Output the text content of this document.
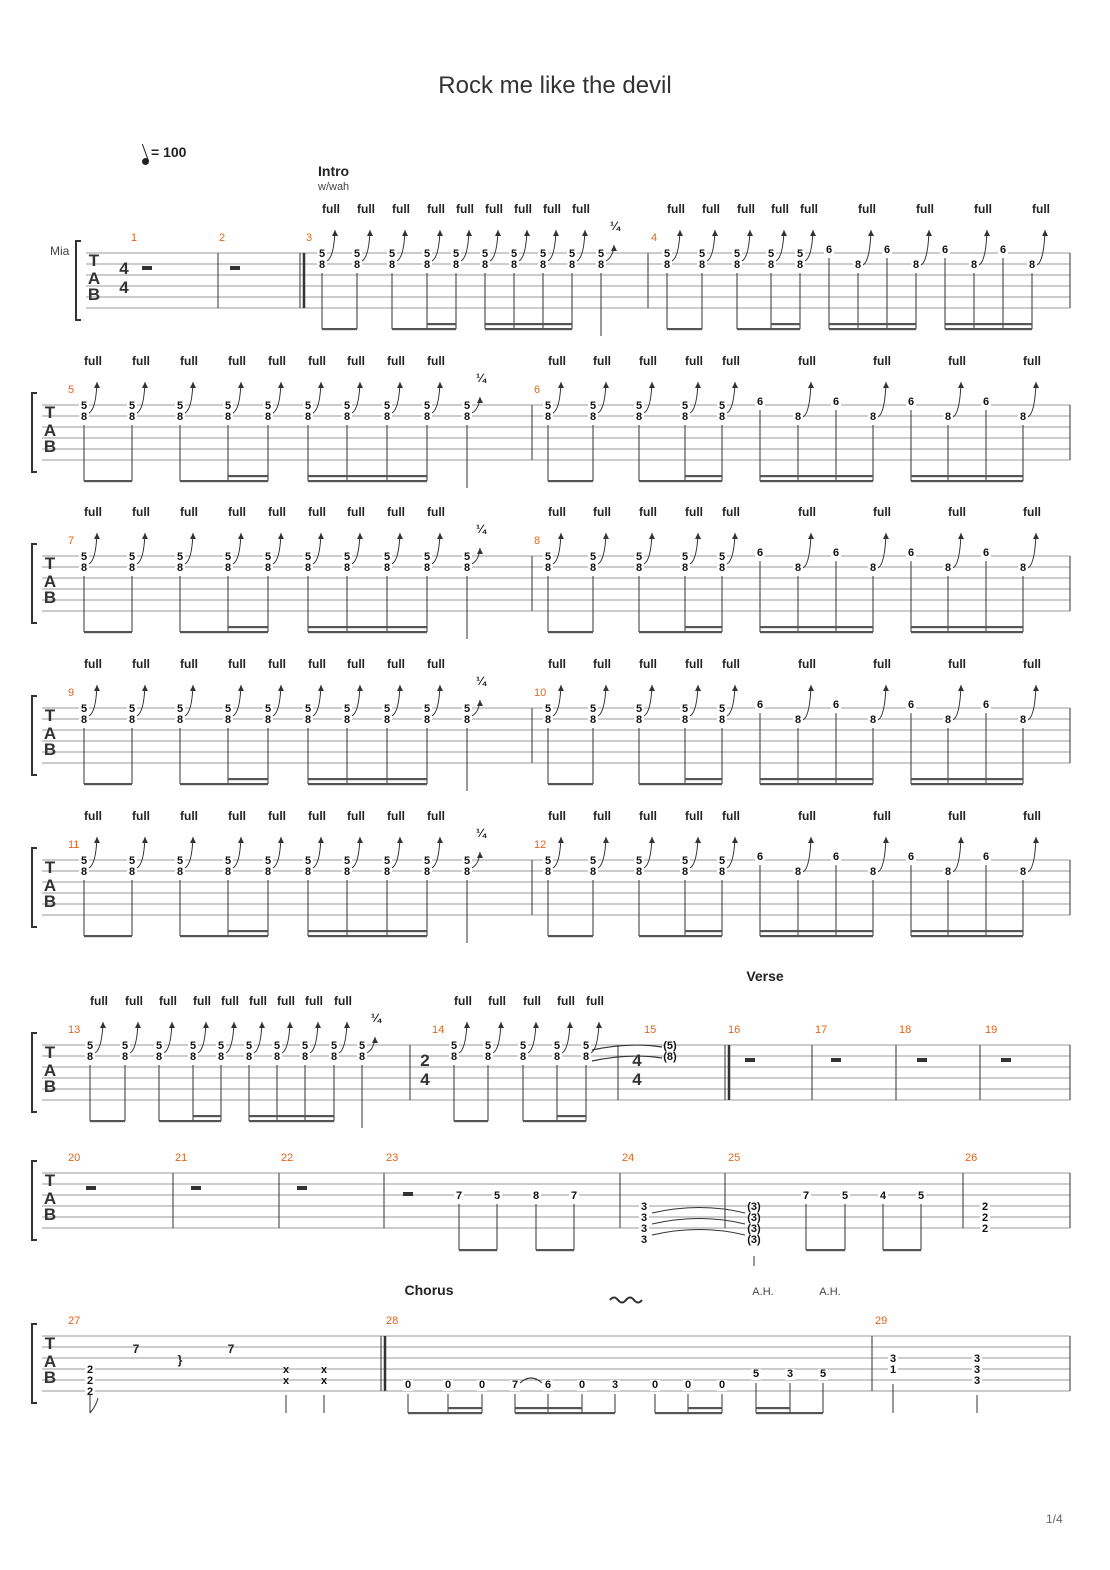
Rock me like the devil
= 100
Mia
1/4
T
A
B
4
4
1	2	3
Intro
w/wah
5
8
full
5
8
full
5
8
full
5
8
full
5
8
full
5
8
full
5
8
full
5
8
full
5
8
full
5
8
¼
4
5
8
full
5
8
full
5
8
full
5
8
full
5
8
full
6
8
full
6
8
full
6
8
full
6
8
full
T
A
B
5
5
8
full
5
8
full
5
8
full
5
8
full
5
8
full
5
8
full
5
8
full
5
8
full
5
8
full
5
8
¼
6
5
8
full
5
8
full
5
8
full
5
8
full
5
8
full
6
8
full
6
8
full
6
8
full
6
8
full
T
A
B
7
5
8
full
5
8
full
5
8
full
5
8
full
5
8
full
5
8
full
5
8
full
5
8
full
5
8
full
5
8
¼
8
5
8
full
5
8
full
5
8
full
5
8
full
5
8
full
6
8
full
6
8
full
6
8
full
6
8
full
T
A
B
9
5
8
full
5
8
full
5
8
full
5
8
full
5
8
full
5
8
full
5
8
full
5
8
full
5
8
full
5
8
¼
10
5
8
full
5
8
full
5
8
full
5
8
full
5
8
full
6
8
full
6
8
full
6
8
full
6
8
full
T
A
B
11
5
8
full
5
8
full
5
8
full
5
8
full
5
8
full
5
8
full
5
8
full
5
8
full
5
8
full
5
8
¼
12
5
8
full
5
8
full
5
8
full
5
8
full
5
8
full
6
8
full
6
8
full
6
8
full
6
8
full
T
A
B
13
Verse
5
8
full
5
8
full
5
8
full
5
8
full
5
8
full
5
8
full
5
8
full
5
8
full
5
8
full
5
8
¼
2
4
14
5
8
full
5
8
full
5
8
full
5
8
full
5
8
full
15
4
4
(5)
(8)
16	17	18	19
T
A
B
20	21	22	23
7	5	8	7
24
3
3
3
3
25
(3)
(3)
(3)
(3)
7	5	4	5
26
2
2
2
T
A
B
27
2
2
2
7
}
7
x	x
x	x
28
Chorus	A.H.	A.H.
0	0	0 7 6	0 3	0 0	0
5	3 5
29
3
1
3
3
3
